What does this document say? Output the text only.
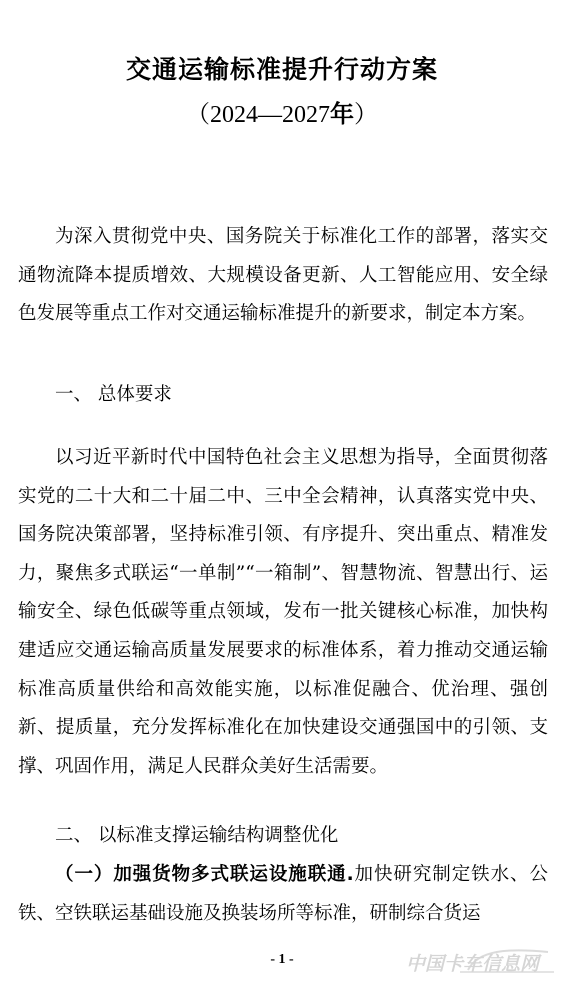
交通运输标准提升行动方案
（2024—2027年）

为深入贯彻党中央、国务院关于标准化工作的部署，落实交通物流降本提质增效、大规模设备更新、人工智能应用、安全绿色发展等重点工作对交通运输标准提升的新要求，制定本方案。

一、 总体要求

以习近平新时代中国特色社会主义思想为指导，全面贯彻落实党的二十大和二十届二中、三中全会精神，认真落实党中央、国务院决策部署，坚持标准引领、有序提升、突出重点、精准发力，聚焦多式联运“一单制”“一箱制”、智慧物流、智慧出行、运输安全、绿色低碳等重点领域，发布一批关键核心标准，加快构建适应交通运输高质量发展要求的标准体系，着力推动交通运输标准高质量供给和高效能实施，以标准促融合、优治理、强创新、提质量，充分发挥标准化在加快建设交通强国中的引领、支撑、巩固作用，满足人民群众美好生活需要。

二、 以标准支撑运输结构调整优化

（一）加强货物多式联运设施联通.加快研究制定铁水、公铁、空铁联运基础设施及换装场所等标准，研制综合货运

- 1 -	中国卡车信息网
